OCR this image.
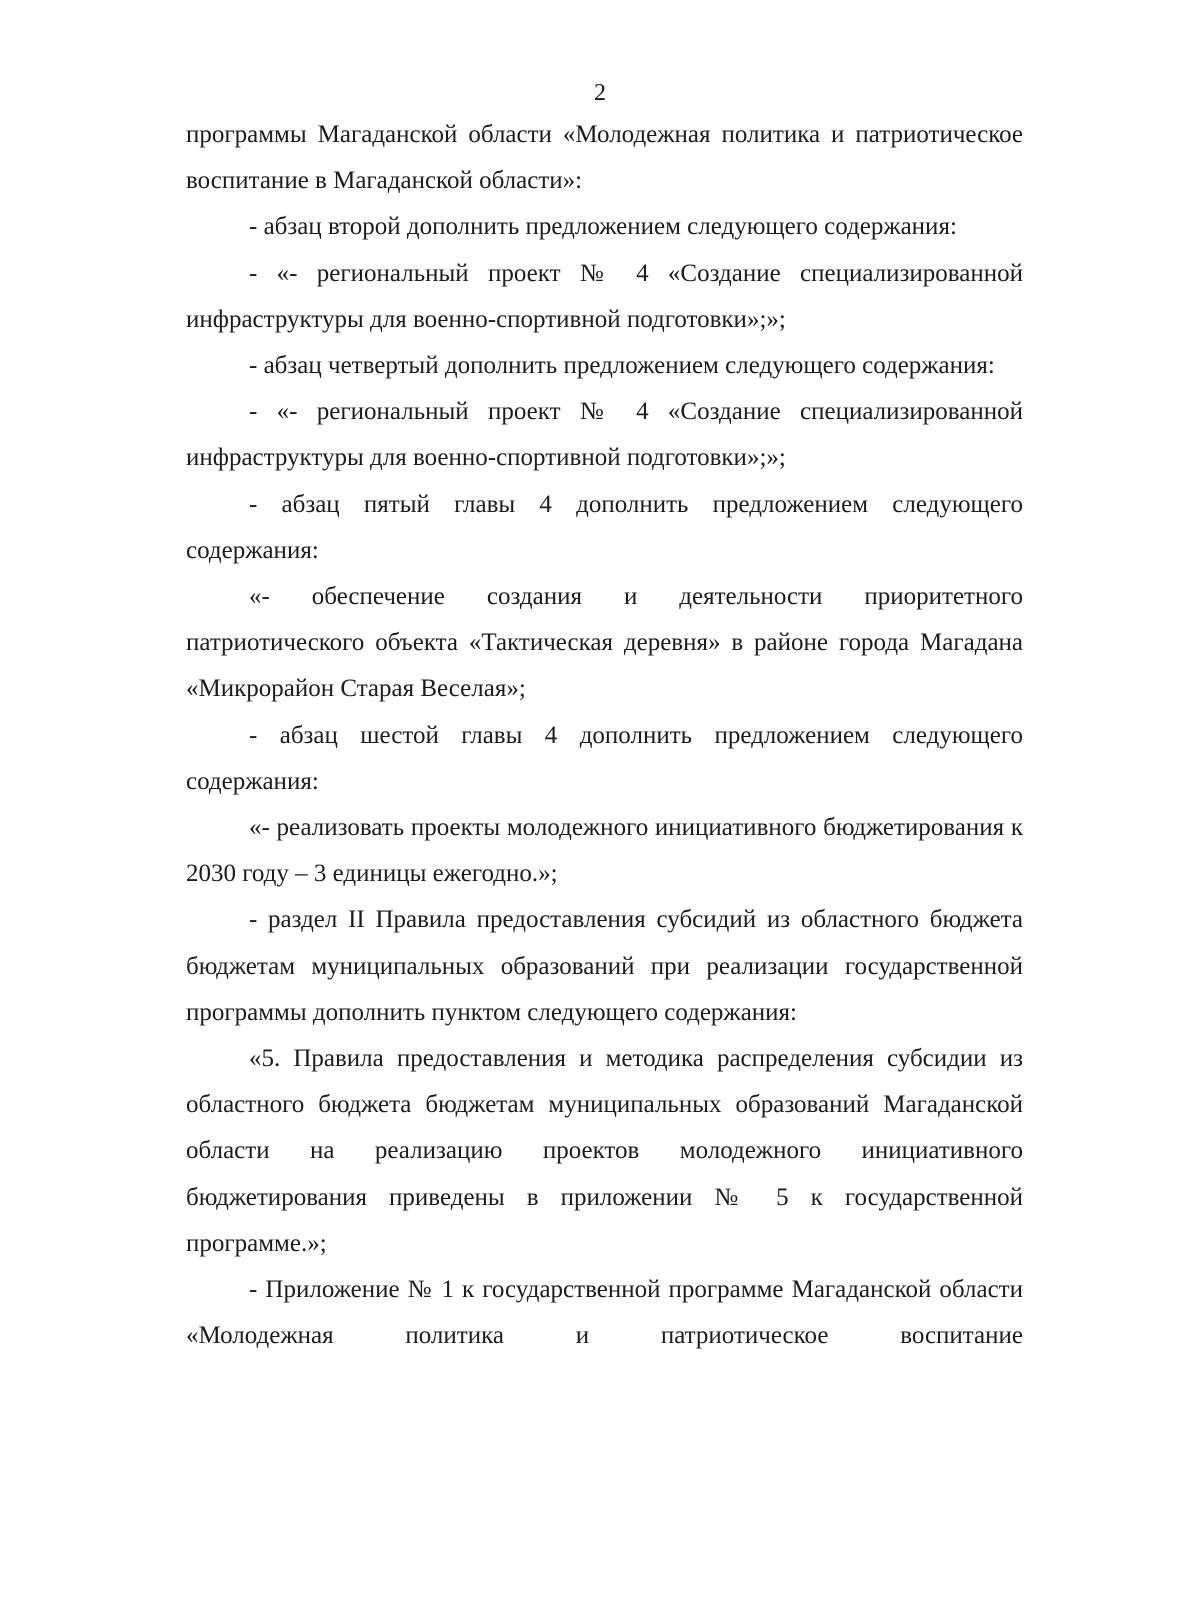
2

программы Магаданской области «Молодежная политика и патриотическое воспитание в Магаданской области»:

- абзац второй дополнить предложением следующего содержания:

- «- региональный проект № 4 «Создание специализированной инфраструктуры для военно-спортивной подготовки»;»;

- абзац четвертый дополнить предложением следующего содержания:

- «- региональный проект № 4 «Создание специализированной инфраструктуры для военно-спортивной подготовки»;»;

- абзац пятый главы 4 дополнить предложением следующего содержания:

«- обеспечение создания и деятельности приоритетного патриотического объекта «Тактическая деревня» в районе города Магадана «Микрорайон Старая Веселая»;

- абзац шестой главы 4 дополнить предложением следующего содержания:

«- реализовать проекты молодежного инициативного бюджетирования к 2030 году – 3 единицы ежегодно.»;

- раздел II Правила предоставления субсидий из областного бюджета бюджетам муниципальных образований при реализации государственной программы дополнить пунктом следующего содержания:

«5. Правила предоставления и методика распределения субсидии из областного бюджета бюджетам муниципальных образований Магаданской области на реализацию проектов молодежного инициативного бюджетирования приведены в приложении № 5 к государственной программе.»;

- Приложение № 1 к государственной программе Магаданской области «Молодежная политика и патриотическое воспитание
